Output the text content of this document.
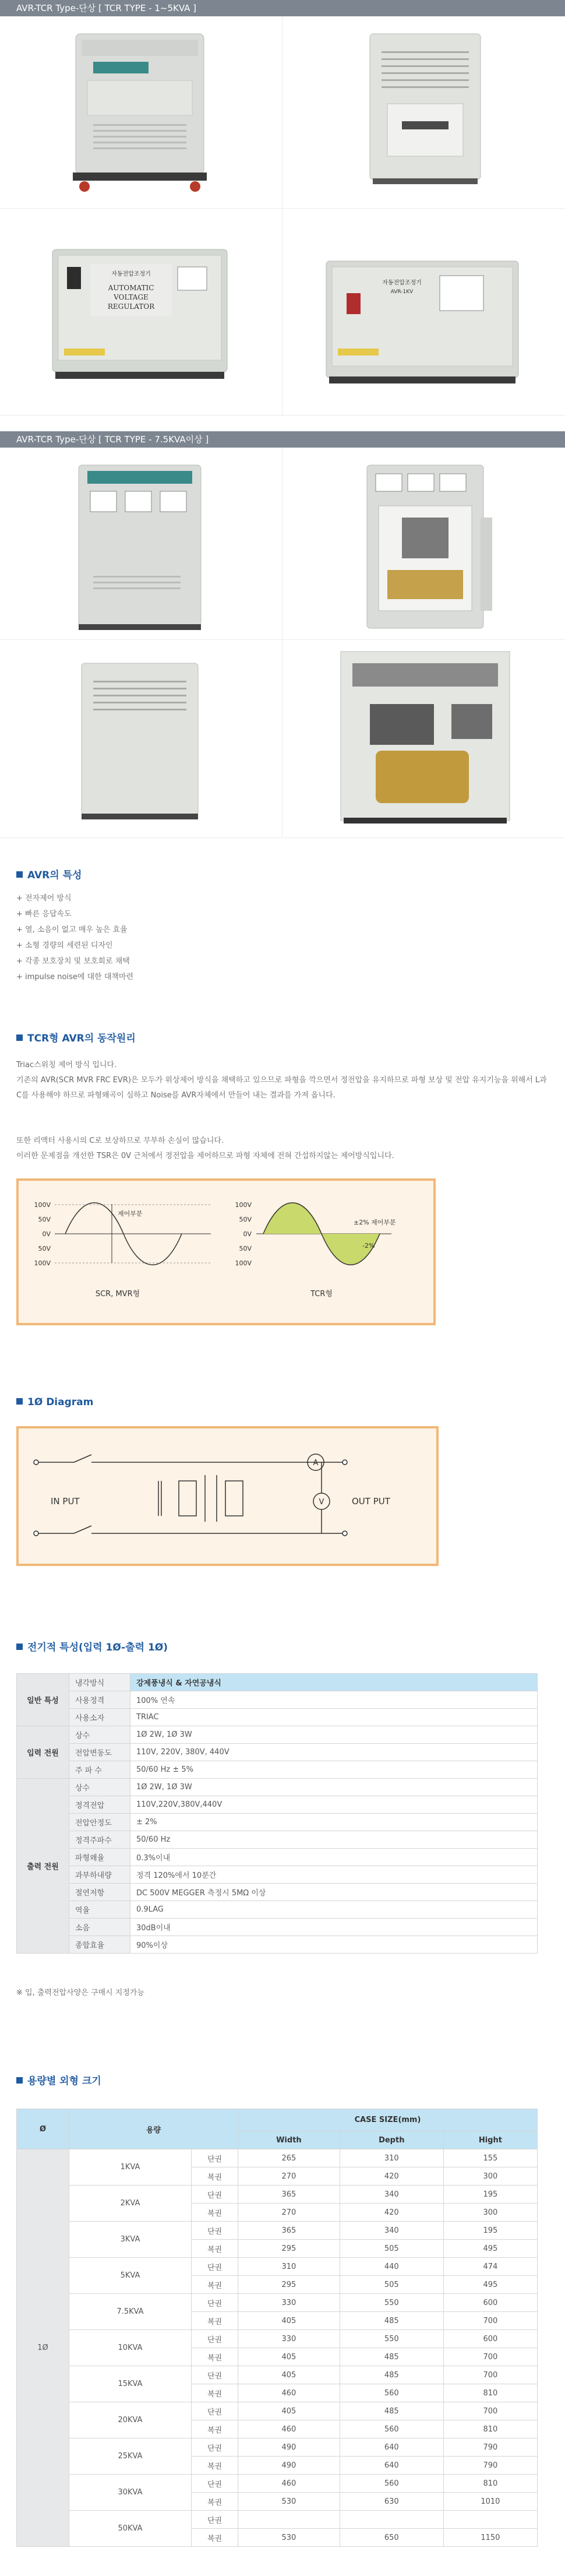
AVR-TCR Type-단상 [ TCR TYPE - 1~5KVA ]
자동전압조정기
AUTOMATIC
VOLTAGE
REGULATOR
자동전압조정기
AVR-1KV
AVR-TCR Type-단상 [ TCR TYPE - 7.5KVA이상 ]
AVR의 특성
+ 전자제어 방식
+ 빠른 응답속도
+ 열, 소음이 없고 매우 높은 효율
+ 소형 경량의 세련된 디자인
+ 각종 보호장치 및 보호회로 채택
+ impulse noise에 대한 대책마련
TCR형 AVR의 동작원리

Triac스위칭 제어 방식 입니다.

기존의 AVR(SCR MVR FRC EVR)은 모두가 위상제어 방식을 채택하고 있으므로 파형을 깍으면서 정전압을 유지하므로 파형 보상 및 전압 유지기능을 위해서 L과 C를 사용해야 하므로 파형왜곡이 심하고 Noise를 AVR자체에서 만들어 내는 결과를 가져 옵니다.

또한 리액터 사용시의 C로 보상하므로 무부하 손실이 많습니다.

이러한 문제점을 개선한 TSR은 0V 근처에서 정전압을 제어하므로 파형 자체에 전혀 간섭하지않는 제어방식입니다.

100V
50V
0V
50V
100V
제어부분
SCR, MVR형
100V
50V
0V
50V
100V
±2% 제어부분
-2%
TCR형
1Ø Diagram
IN PUT	OUT PUT
A
V
전기적 특성(입력 1Ø-출력 1Ø)
일반 특성	냉각방식	강제풍냉식 & 자연공냉식
	사용정격	100% 연속
	사용소자	TRIAC
입력 전원	상수	1Ø 2W, 1Ø 3W
	전압변동도	110V, 220V, 380V, 440V
	주 파 수	50/60 Hz ± 5%
출력 전원	상수	1Ø 2W, 1Ø 3W
	정격전압	110V,220V,380V,440V
	전압안정도	± 2%
	정격주파수	50/60 Hz
	파형왜율	0.3%이내
	과부하내량	정격 120%에서 10분간
	절연저항	DC 500V MEGGER 측정시 5MΩ 이상
	역율	0.9LAG
	소음	30dB이내
	종합효율	90%이상
※ 입, 출력전압사양은 구매시 지정가능
용량별 외형 크기
Ø	용량		CASE SIZE(mm)		
			Width	Depth	Hight
1Ø	1KVA	단권	265	310	155
		복권	270	420	300
	2KVA	단권	365	340	195
		복권	270	420	300
	3KVA	단권	365	340	195
		복권	295	505	495
	5KVA	단권	310	440	474
		복권	295	505	495
	7.5KVA	단권	330	550	600
		복권	405	485	700
	10KVA	단권	330	550	600
		복권	405	485	700
	15KVA	단권	405	485	700
		복권	460	560	810
	20KVA	단권	405	485	700
		복권	460	560	810
	25KVA	단권	490	640	790
		복권	490	640	790
	30KVA	단권	460	560	810
		복권	530	630	1010
	50KVA	단권			
		복권	530	650	1150
